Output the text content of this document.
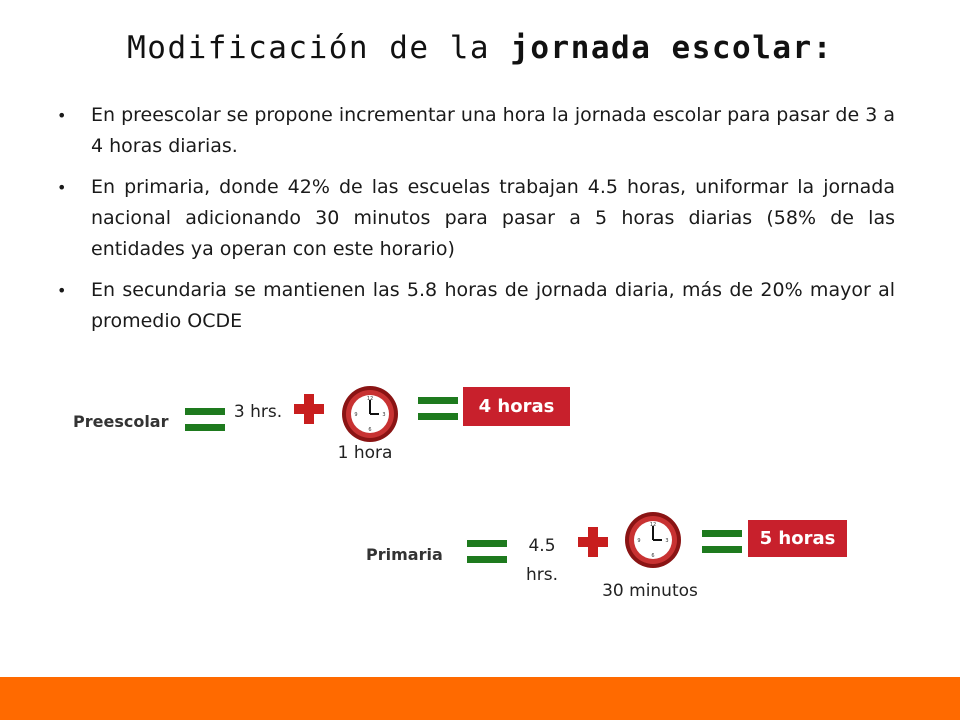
Modificación de la jornada escolar:
• En preescolar se propone incrementar una hora la jornada escolar para pasar de 3 a 4 horas diarias.
• En primaria, donde 42% de las escuelas trabajan 4.5 horas, uniformar la jornada nacional adicionando 30 minutos para pasar a 5 horas diarias (58% de las entidades ya operan con este horario)
• En secundaria se mantienen las 5.8 horas de jornada diaria, más de 20% mayor al promedio OCDE
Preescolar	3 hrs.
12
3
6
9
1 hora
4 horas
Primaria	4.5 hrs.
12
3
6
9
30 minutos
5 horas
